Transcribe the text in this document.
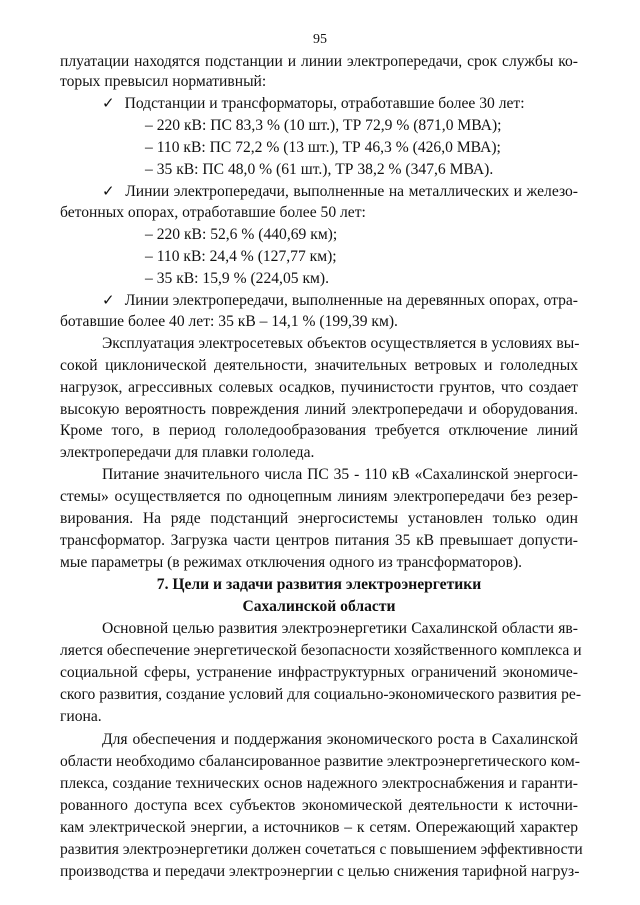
95
плуатации находятся подстанции и линии электропередачи, срок службы ко-
торых превысил нормативный:
✓ Подстанции и трансформаторы, отработавшие более 30 лет:
– 220 кВ: ПС 83,3 % (10 шт.), ТР 72,9 % (871,0 МВА);
– 110 кВ: ПС 72,2 % (13 шт.), ТР 46,3 % (426,0 МВА);
– 35 кВ: ПС 48,0 % (61 шт.), ТР 38,2 % (347,6 МВА).
✓ Линии электропередачи, выполненные на металлических и железо-
бетонных опорах, отработавшие более 50 лет:
– 220 кВ: 52,6 % (440,69 км);
– 110 кВ: 24,4 % (127,77 км);
– 35 кВ: 15,9 % (224,05 км).
✓ Линии электропередачи, выполненные на деревянных опорах, отра-
ботавшие более 40 лет: 35 кВ – 14,1 % (199,39 км).
Эксплуатация электросетевых объектов осуществляется в условиях вы-
сокой циклонической деятельности, значительных ветровых и гололедных
нагрузок, агрессивных солевых осадков, пучинистости грунтов, что создает
высокую вероятность повреждения линий электропередачи и оборудования.
Кроме того, в период гололедообразования требуется отключение линий
электропередачи для плавки гололеда.
Питание значительного числа ПС 35 - 110 кВ «Сахалинской энергоси-
стемы» осуществляется по одноцепным линиям электропередачи без резер-
вирования. На ряде подстанций энергосистемы установлен только один
трансформатор. Загрузка части центров питания 35 кВ превышает допусти-
мые параметры (в режимах отключения одного из трансформаторов).
7. Цели и задачи развития электроэнергетики
Сахалинской области
Основной целью развития электроэнергетики Сахалинской области яв-
ляется обеспечение энергетической безопасности хозяйственного комплекса и
социальной сферы, устранение инфраструктурных ограничений экономиче-
ского развития, создание условий для социально-экономического развития ре-
гиона.
Для обеспечения и поддержания экономического роста в Сахалинской
области необходимо сбалансированное развитие электроэнергетического ком-
плекса, создание технических основ надежного электроснабжения и гаранти-
рованного доступа всех субъектов экономической деятельности к источни-
кам электрической энергии, а источников – к сетям. Опережающий характер
развития электроэнергетики должен сочетаться с повышением эффективности
производства и передачи электроэнергии с целью снижения тарифной нагруз-
